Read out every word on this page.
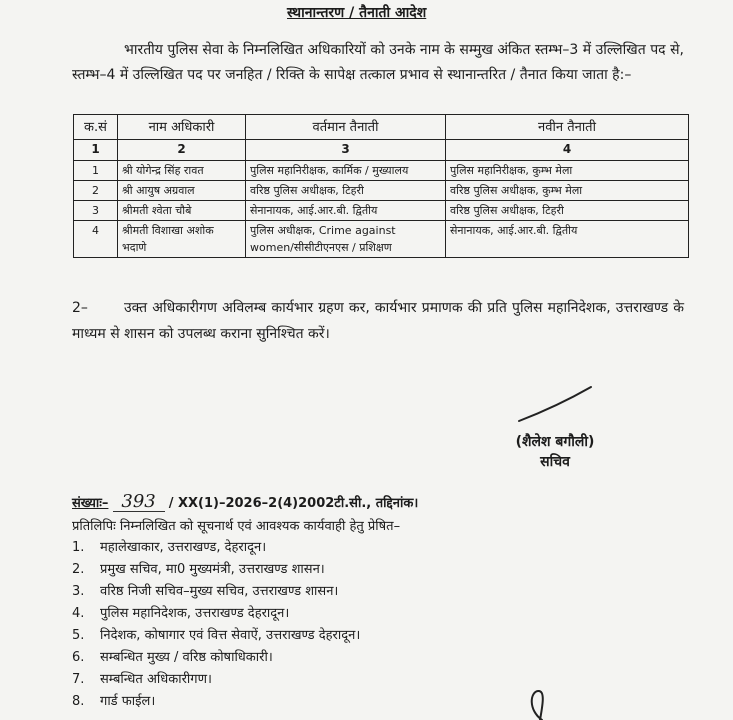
स्थानान्तरण / तैनाती आदेश
भारतीय पुलिस सेवा के निम्नलिखित अधिकारियों को उनके नाम के सम्मुख अंकित स्तम्भ–3 में उल्लिखित पद से, स्तम्भ–4 में उल्लिखित पद पर जनहित / रिक्ति के सापेक्ष तत्काल प्रभाव से स्थानान्तरित / तैनात किया जाता है:–
क.सं	नाम अधिकारी	वर्तमान तैनाती	नवीन तैनाती
1	2	3	4
1	श्री योगेन्द्र सिंह रावत	पुलिस महानिरीक्षक, कार्मिक / मुख्यालय	पुलिस महानिरीक्षक, कुम्भ मेला
2	श्री आयुष अग्रवाल	वरिष्ठ पुलिस अधीक्षक, टिहरी	वरिष्ठ पुलिस अधीक्षक, कुम्भ मेला
3	श्रीमती श्वेता चौबे	सेनानायक, आई.आर.बी. द्वितीय	वरिष्ठ पुलिस अधीक्षक, टिहरी
4	श्रीमती विशाखा अशोक भदाणे	पुलिस अधीक्षक, Crime against women/सीसीटीएनएस / प्रशिक्षण	सेनानायक, आई.आर.बी. द्वितीय
2–	उक्त अधिकारीगण अविलम्ब कार्यभार ग्रहण कर, कार्यभार प्रमाणक की प्रति पुलिस महानिदेशक, उत्तराखण्ड के माध्यम से शासन को उपलब्ध कराना सुनिश्चित करें।
(शैलेश बगौली)
सचिव
संख्याः– 393 / XX(1)–2026–2(4)2002टी.सी., तद्दिनांक।
प्रतिलिपिः निम्नलिखित को सूचनार्थ एवं आवश्यक कार्यवाही हेतु प्रेषित–
1. महालेखाकार, उत्तराखण्ड, देहरादून।
2. प्रमुख सचिव, मा0 मुख्यमंत्री, उत्तराखण्ड शासन।
3. वरिष्ठ निजी सचिव–मुख्य सचिव, उत्तराखण्ड शासन।
4. पुलिस महानिदेशक, उत्तराखण्ड देहरादून।
5. निदेशक, कोषागार एवं वित्त सेवाऐं, उत्तराखण्ड देहरादून।
6. सम्बन्धित मुख्य / वरिष्ठ कोषाधिकारी।
7. सम्बन्धित अधिकारीगण।
8. गार्ड फाईल।
